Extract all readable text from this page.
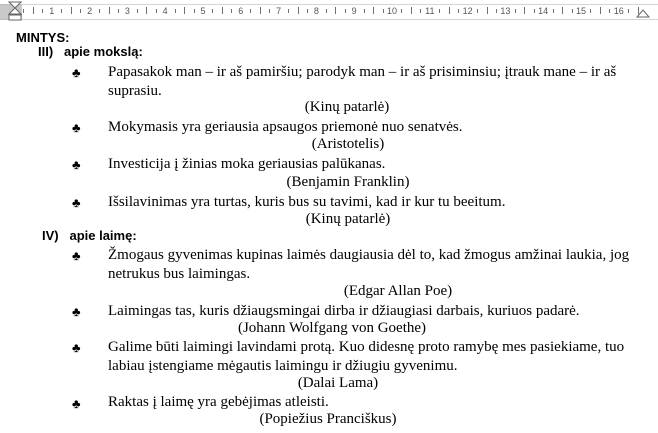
1	2	3	4	5	6	7	8	9	10	11	12	13	14	15	16
MINTYS:
III) apie mokslą:
♣ Papasakok man – ir aš pamiršiu; parodyk man – ir aš prisiminsiu; įtrauk mane – ir aš suprasiu.
(Kinų patarlė)
♣ Mokymasis yra geriausia apsaugos priemonė nuo senatvės.
(Aristotelis)
♣ Investicija į žinias moka geriausias palūkanas.
(Benjamin Franklin)
♣ Išsilavinimas yra turtas, kuris bus su tavimi, kad ir kur tu beeitum.
(Kinų patarlė)
IV) apie laimę:
♣ Žmogaus gyvenimas kupinas laimės daugiausia dėl to, kad žmogus amžinai laukia, jog netrukus bus laimingas.
(Edgar Allan Poe)
♣ Laimingas tas, kuris džiaugsmingai dirba ir džiaugiasi darbais, kuriuos padarė.
(Johann Wolfgang von Goethe)
♣ Galime būti laimingi lavindami protą. Kuo didesnę proto ramybę mes pasiekiame, tuo labiau įstengiame mėgautis laimingu ir džiugiu gyvenimu.
(Dalai Lama)
♣ Raktas į laimę yra gebėjimas atleisti.
(Popiežius Pranciškus)
